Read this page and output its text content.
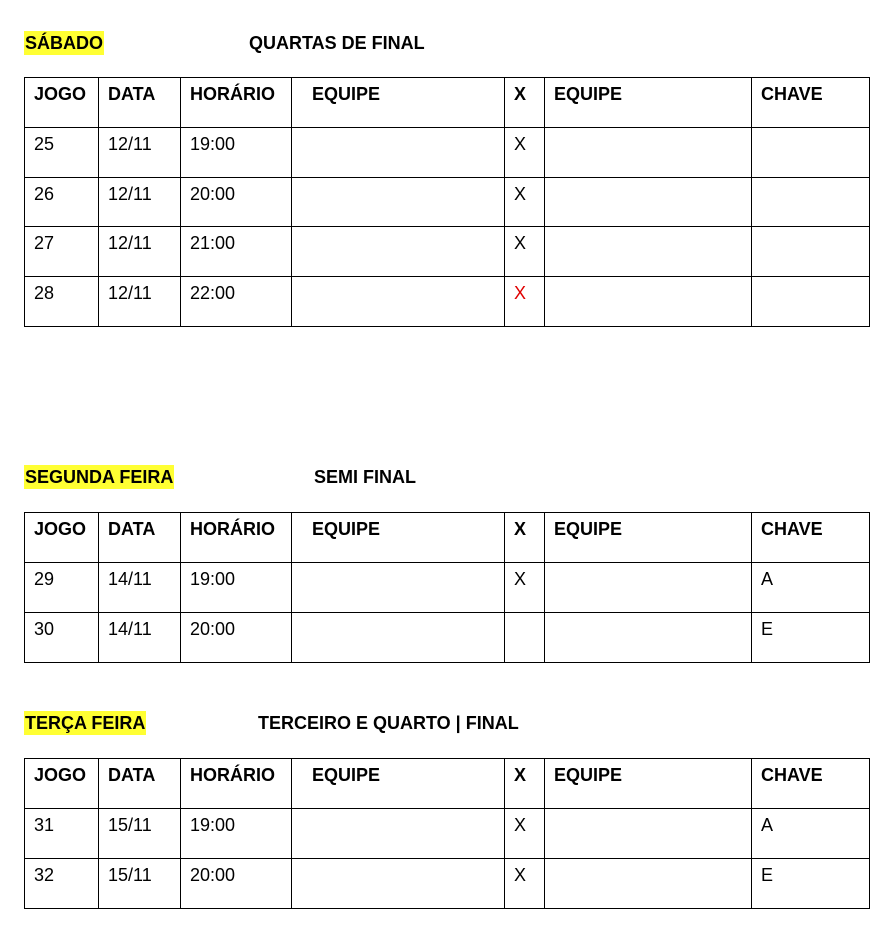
SÁBADO	QUARTAS DE FINAL
JOGO	DATA	HORÁRIO	EQUIPE	X	EQUIPE	CHAVE
25	12/11	19:00		X		
26	12/11	20:00		X		
27	12/11	21:00		X		
28	12/11	22:00		X		
SEGUNDA FEIRA	SEMI FINAL
JOGO	DATA	HORÁRIO	EQUIPE	X	EQUIPE	CHAVE
29	14/11	19:00		X		A
30	14/11	20:00				E
TERÇA FEIRA	TERCEIRO E QUARTO | FINAL
JOGO	DATA	HORÁRIO	EQUIPE	X	EQUIPE	CHAVE
31	15/11	19:00		X		A
32	15/11	20:00		X		E
